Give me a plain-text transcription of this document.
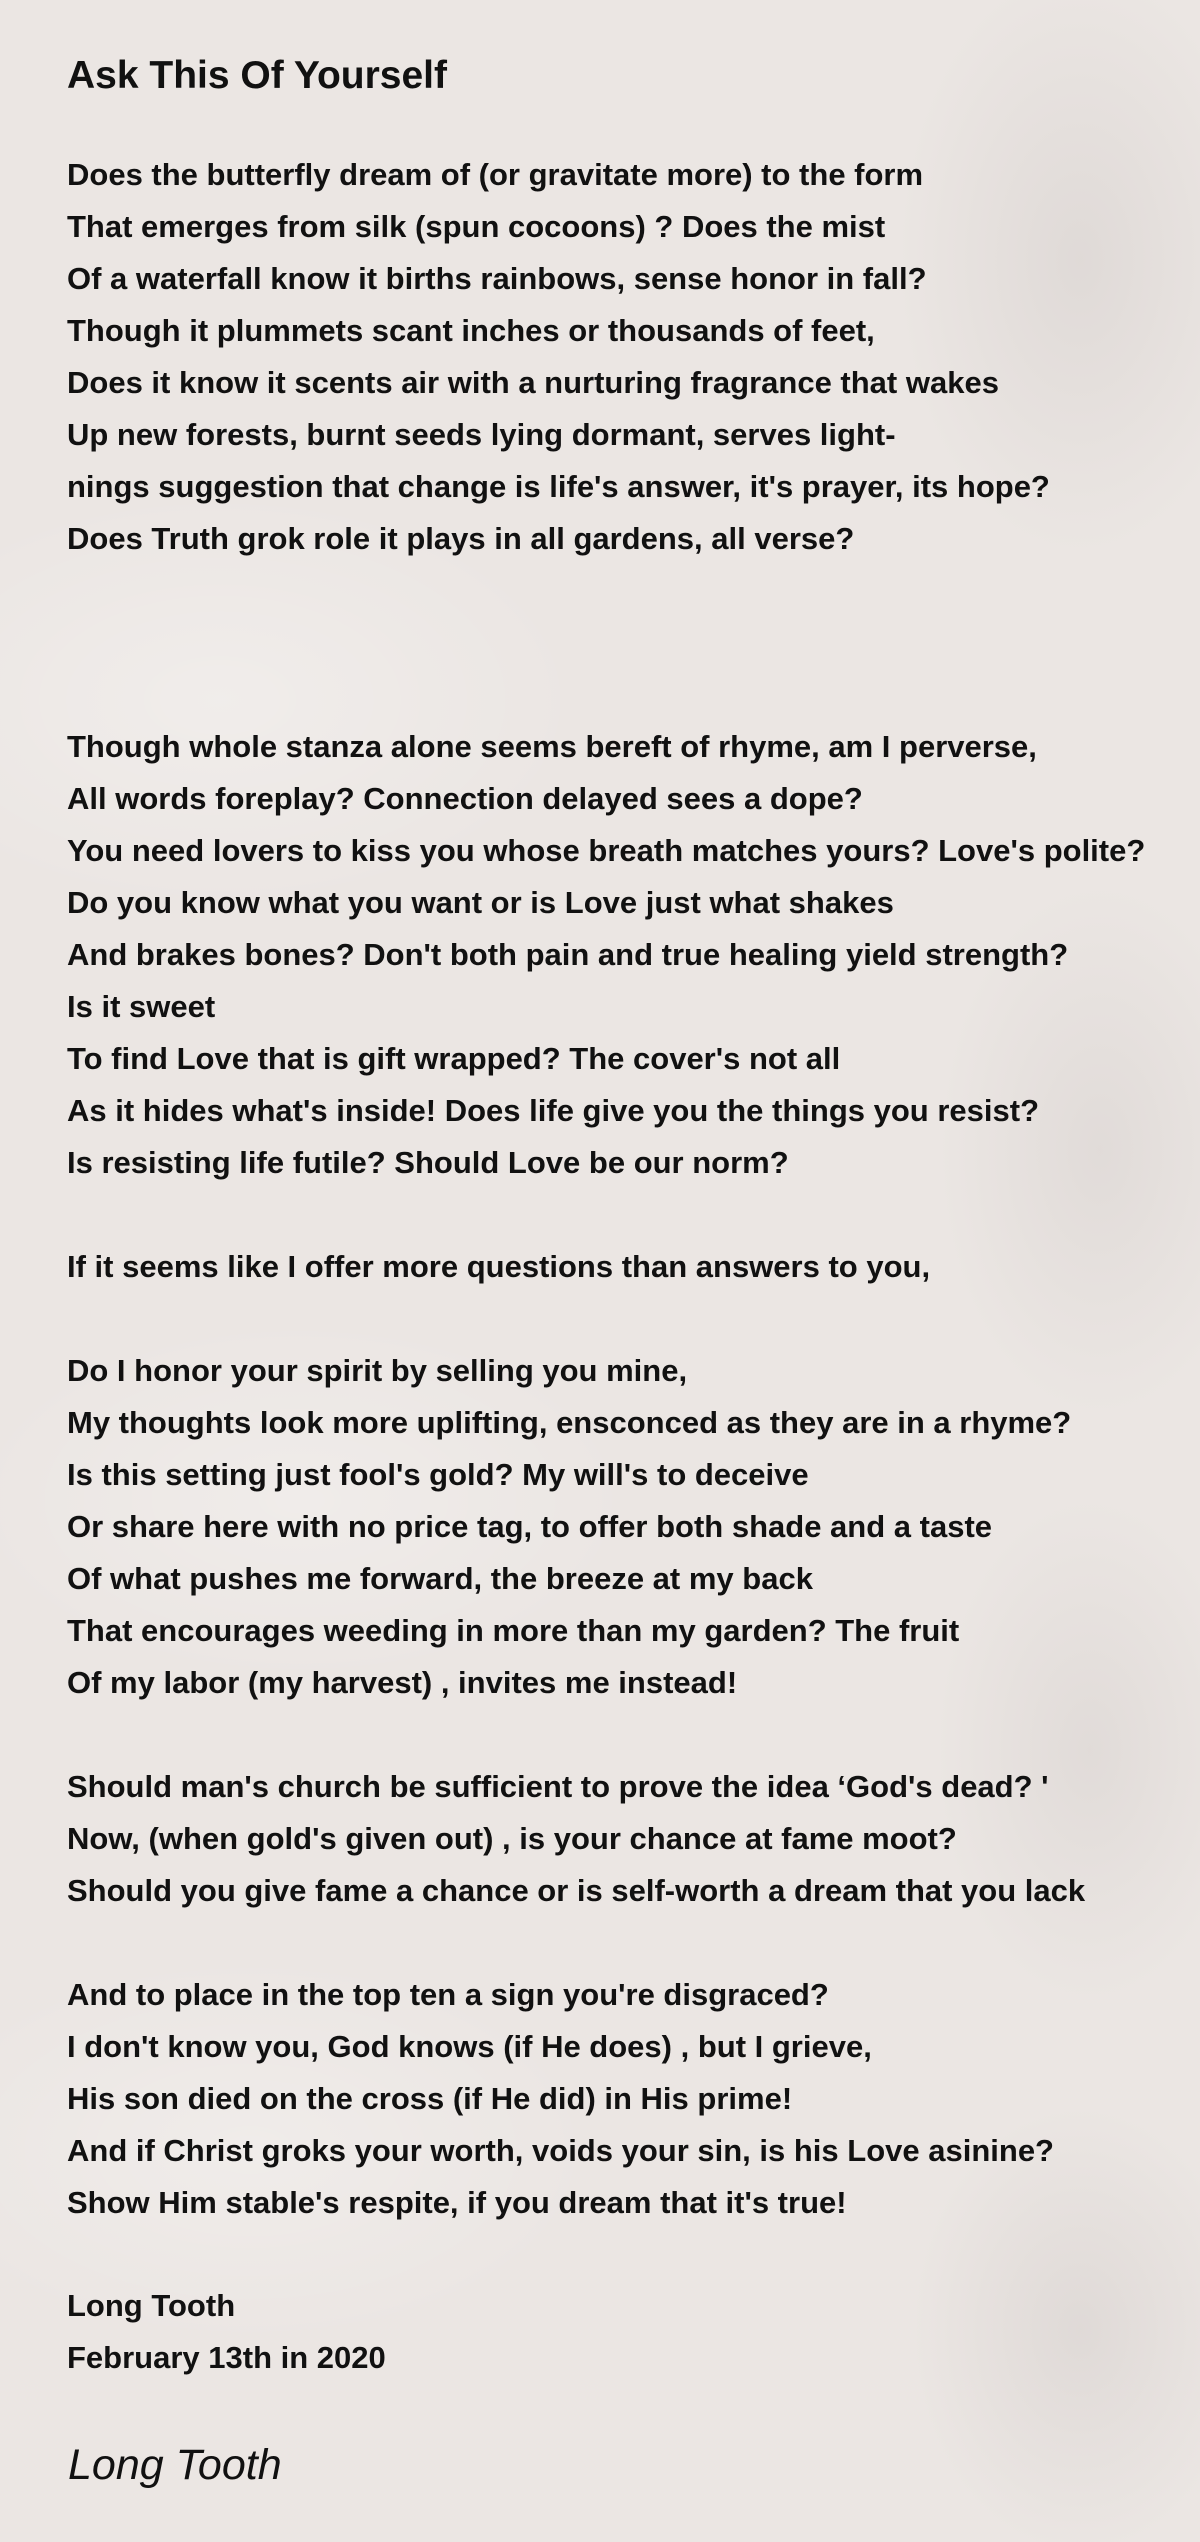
Ask This Of Yourself
Does the butterfly dream of (or gravitate more) to the form
That emerges from silk (spun cocoons) ? Does the mist
Of a waterfall know it births rainbows, sense honor in fall?
Though it plummets scant inches or thousands of feet,
Does it know it scents air with a nurturing fragrance that wakes
Up new forests, burnt seeds lying dormant, serves light-
nings suggestion that change is life's answer, it's prayer, its hope?
Does Truth grok role it plays in all gardens, all verse?
Though whole stanza alone seems bereft of rhyme, am I perverse,
All words foreplay? Connection delayed sees a dope?
You need lovers to kiss you whose breath matches yours? Love's polite?
Do you know what you want or is Love just what shakes
And brakes bones? Don't both pain and true healing yield strength?
Is it sweet
To find Love that is gift wrapped? The cover's not all
As it hides what's inside! Does life give you the things you resist?
Is resisting life futile? Should Love be our norm?
If it seems like I offer more questions than answers to you,
Do I honor your spirit by selling you mine,
My thoughts look more uplifting, ensconced as they are in a rhyme?
Is this setting just fool's gold? My will's to deceive
Or share here with no price tag, to offer both shade and a taste
Of what pushes me forward, the breeze at my back
That encourages weeding in more than my garden? The fruit
Of my labor (my harvest) , invites me instead!
Should man's church be sufficient to prove the idea ‘God's dead? '
Now, (when gold's given out) , is your chance at fame moot?
Should you give fame a chance or is self-worth a dream that you lack
And to place in the top ten a sign you're disgraced?
I don't know you, God knows (if He does) , but I grieve,
His son died on the cross (if He did) in His prime!
And if Christ groks your worth, voids your sin, is his Love asinine?
Show Him stable's respite, if you dream that it's true!
Long Tooth
February 13th in 2020
Long Tooth
